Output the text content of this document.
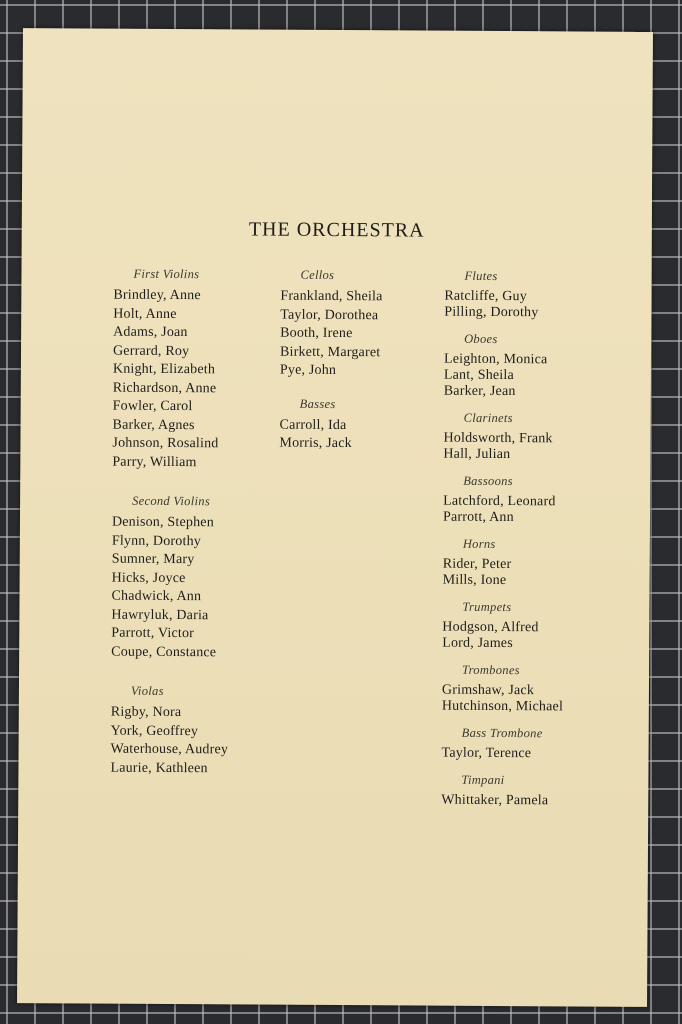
THE ORCHESTRA
First Violins
Brindley, Anne
Holt, Anne
Adams, Joan
Gerrard, Roy
Knight, Elizabeth
Richardson, Anne
Fowler, Carol
Barker, Agnes
Johnson, Rosalind
Parry, William
Second Violins
Denison, Stephen
Flynn, Dorothy
Sumner, Mary
Hicks, Joyce
Chadwick, Ann
Hawryluk, Daria
Parrott, Victor
Coupe, Constance
Violas
Rigby, Nora
York, Geoffrey
Waterhouse, Audrey
Laurie, Kathleen
Cellos
Frankland, Sheila
Taylor, Dorothea
Booth, Irene
Birkett, Margaret
Pye, John
Basses
Carroll, Ida
Morris, Jack
Flutes
Ratcliffe, Guy
Pilling, Dorothy
Oboes
Leighton, Monica
Lant, Sheila
Barker, Jean
Clarinets
Holdsworth, Frank
Hall, Julian
Bassoons
Latchford, Leonard
Parrott, Ann
Horns
Rider, Peter
Mills, Ione
Trumpets
Hodgson, Alfred
Lord, James
Trombones
Grimshaw, Jack
Hutchinson, Michael
Bass Trombone
Taylor, Terence
Timpani
Whittaker, Pamela
